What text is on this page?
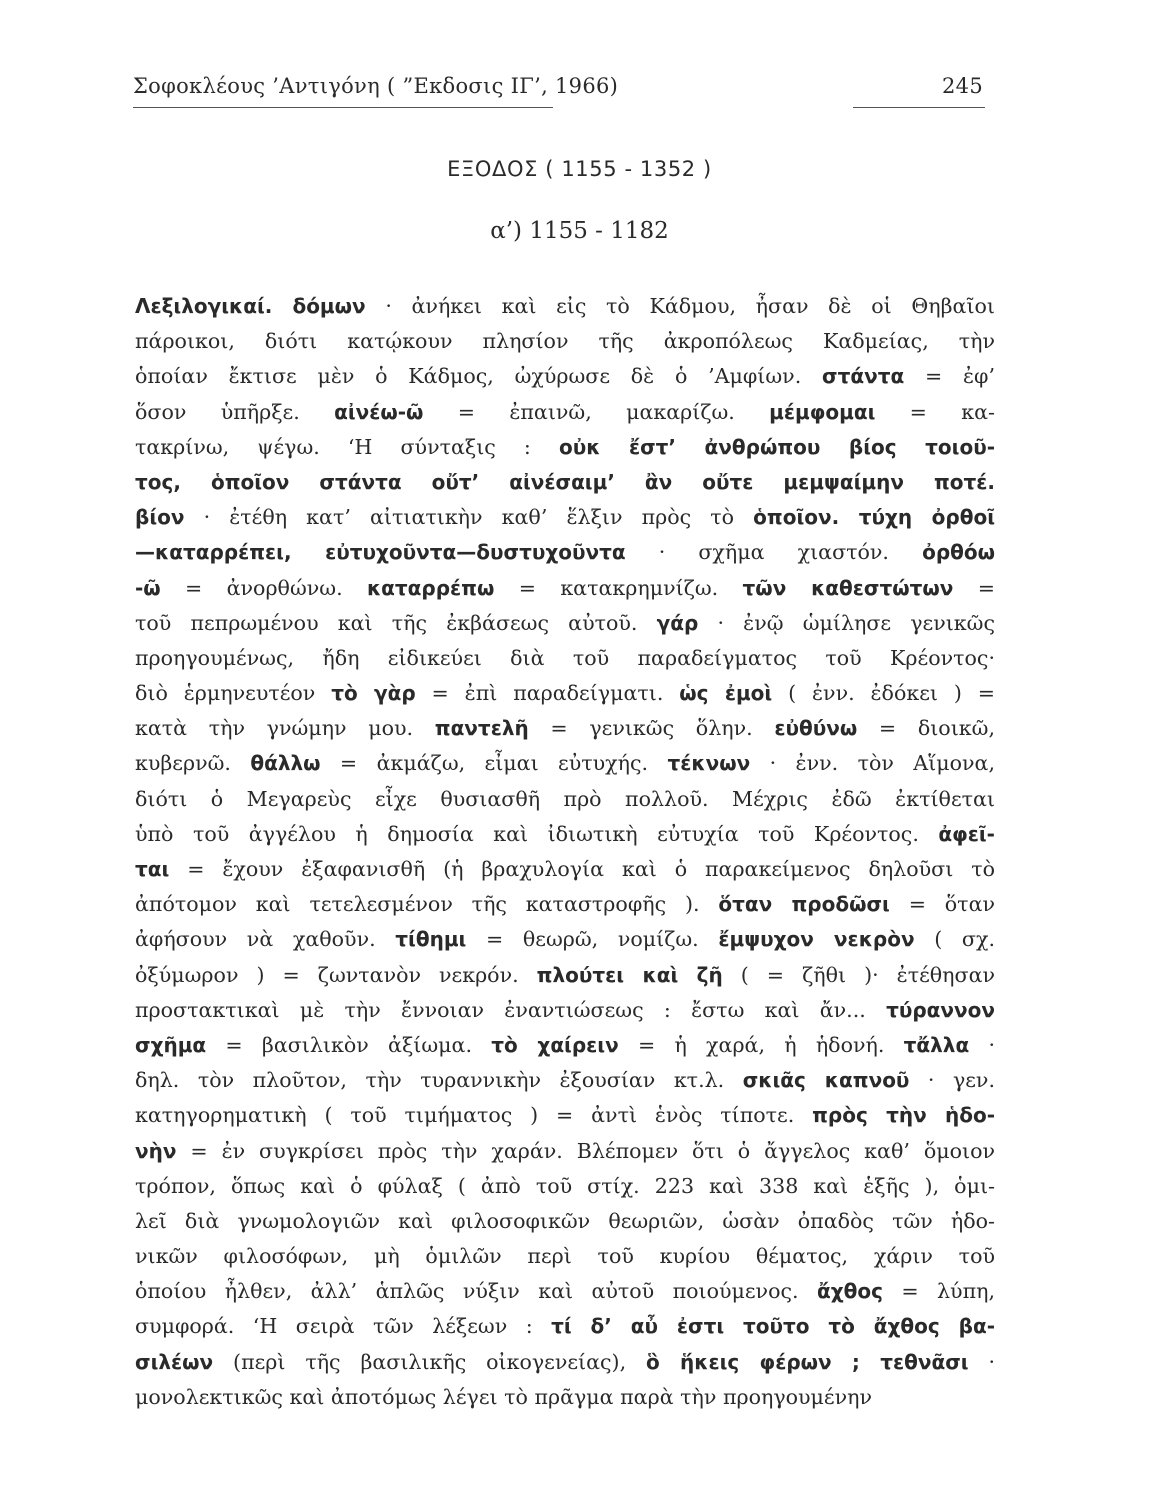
Σοφοκλέους ’Αντιγόνη ( ”Εκδοσις ΙΓ’, 1966)	245
ΕΞΟΔΟΣ ( 1155 - 1352 )
α’) 1155 - 1182
Λεξιλογικαί. δόμων · ἀνήκει καὶ εἰς τὸ Κάδμου, ἦσαν δὲ οἱ Θηβαῖοι
πάροικοι, διότι κατῴκουν πλησίον τῆς ἀκροπόλεως Καδμείας, τὴν
ὁποίαν ἔκτισε μὲν ὁ Κάδμος, ὠχύρωσε δὲ ὁ ’Αμφίων. στάντα = ἐφ’
ὅσον ὑπῆρξε. αἰνέω-ῶ = ἐπαινῶ, μακαρίζω. μέμφομαι = κα-
τακρίνω, ψέγω. ‘Η σύνταξις : οὐκ ἔστ’ ἀνθρώπου βίος τοιοῦ-
τος, ὁποῖον στάντα οὔτ’ αἰνέσαιμ’ ἂν οὔτε μεμψαίμην ποτέ.
βίον · ἐτέθη κατ’ αἰτιατικὴν καθ’ ἕλξιν πρὸς τὸ ὁποῖον. τύχη ὀρθοῖ
—καταρρέπει, εὐτυχοῦντα—δυστυχοῦντα · σχῆμα χιαστόν. ὀρθόω
-ῶ = ἀνορθώνω. καταρρέπω = κατακρημνίζω. τῶν καθεστώτων =
τοῦ πεπρωμένου καὶ τῆς ἐκβάσεως αὐτοῦ. γάρ · ἐνῷ ὡμίλησε γενικῶς
προηγουμένως, ἤδη εἰδικεύει διὰ τοῦ παραδείγματος τοῦ Κρέοντος·
διὸ ἑρμηνευτέον τὸ γὰρ = ἐπὶ παραδείγματι. ὡς ἐμοὶ ( ἐνν. ἐδόκει ) =
κατὰ τὴν γνώμην μου. παντελῆ = γενικῶς ὅλην. εὐθύνω = διοικῶ,
κυβερνῶ. θάλλω = ἀκμάζω, εἶμαι εὐτυχής. τέκνων · ἐνν. τὸν Αἵμονα,
διότι ὁ Μεγαρεὺς εἶχε θυσιασθῆ πρὸ πολλοῦ. Μέχρις ἐδῶ ἐκτίθεται
ὑπὸ τοῦ ἀγγέλου ἡ δημοσία καὶ ἰδιωτικὴ εὐτυχία τοῦ Κρέοντος. ἀφεῖ-
ται = ἔχουν ἐξαφανισθῆ (ἡ βραχυλογία καὶ ὁ παρακείμενος δηλοῦσι τὸ
ἀπότομον καὶ τετελεσμένον τῆς καταστροφῆς ). ὅταν προδῶσι = ὅταν
ἀφήσουν νὰ χαθοῦν. τίθημι = θεωρῶ, νομίζω. ἔμψυχον νεκρὸν ( σχ.
ὀξύμωρον ) = ζωντανὸν νεκρόν. πλούτει καὶ ζῆ ( = ζῆθι )· ἐτέθησαν
προστακτικαὶ μὲ τὴν ἔννοιαν ἐναντιώσεως : ἔστω καὶ ἄν... τύραννον
σχῆμα = βασιλικὸν ἀξίωμα. τὸ χαίρειν = ἡ χαρά, ἡ ἡδονή. τἄλλα ·
δηλ. τὸν πλοῦτον, τὴν τυραννικὴν ἐξουσίαν κτ.λ. σκιᾶς καπνοῦ · γεν.
κατηγορηματικὴ ( τοῦ τιμήματος ) = ἀντὶ ἑνὸς τίποτε. πρὸς τὴν ἡδο-
νὴν = ἐν συγκρίσει πρὸς τὴν χαράν. Βλέπομεν ὅτι ὁ ἄγγελος καθ’ ὅμοιον
τρόπον, ὅπως καὶ ὁ φύλαξ ( ἀπὸ τοῦ στίχ. 223 καὶ 338 καὶ ἑξῆς ), ὁμι-
λεῖ διὰ γνωμολογιῶν καὶ φιλοσοφικῶν θεωριῶν, ὡσὰν ὀπαδὸς τῶν ἡδο-
νικῶν φιλοσόφων, μὴ ὁμιλῶν περὶ τοῦ κυρίου θέματος, χάριν τοῦ
ὁποίου ἦλθεν, ἀλλ’ ἁπλῶς νύξιν καὶ αὐτοῦ ποιούμενος. ἄχθος = λύπη,
συμφορά. ‘Η σειρὰ τῶν λέξεων : τί δ’ αὖ ἐστι τοῦτο τὸ ἄχθος βα-
σιλέων (περὶ τῆς βασιλικῆς οἰκογενείας), ὃ ἥκεις φέρων ; τεθνᾶσι ·
μονολεκτικῶς καὶ ἀποτόμως λέγει τὸ πρᾶγμα παρὰ τὴν προηγουμένην
